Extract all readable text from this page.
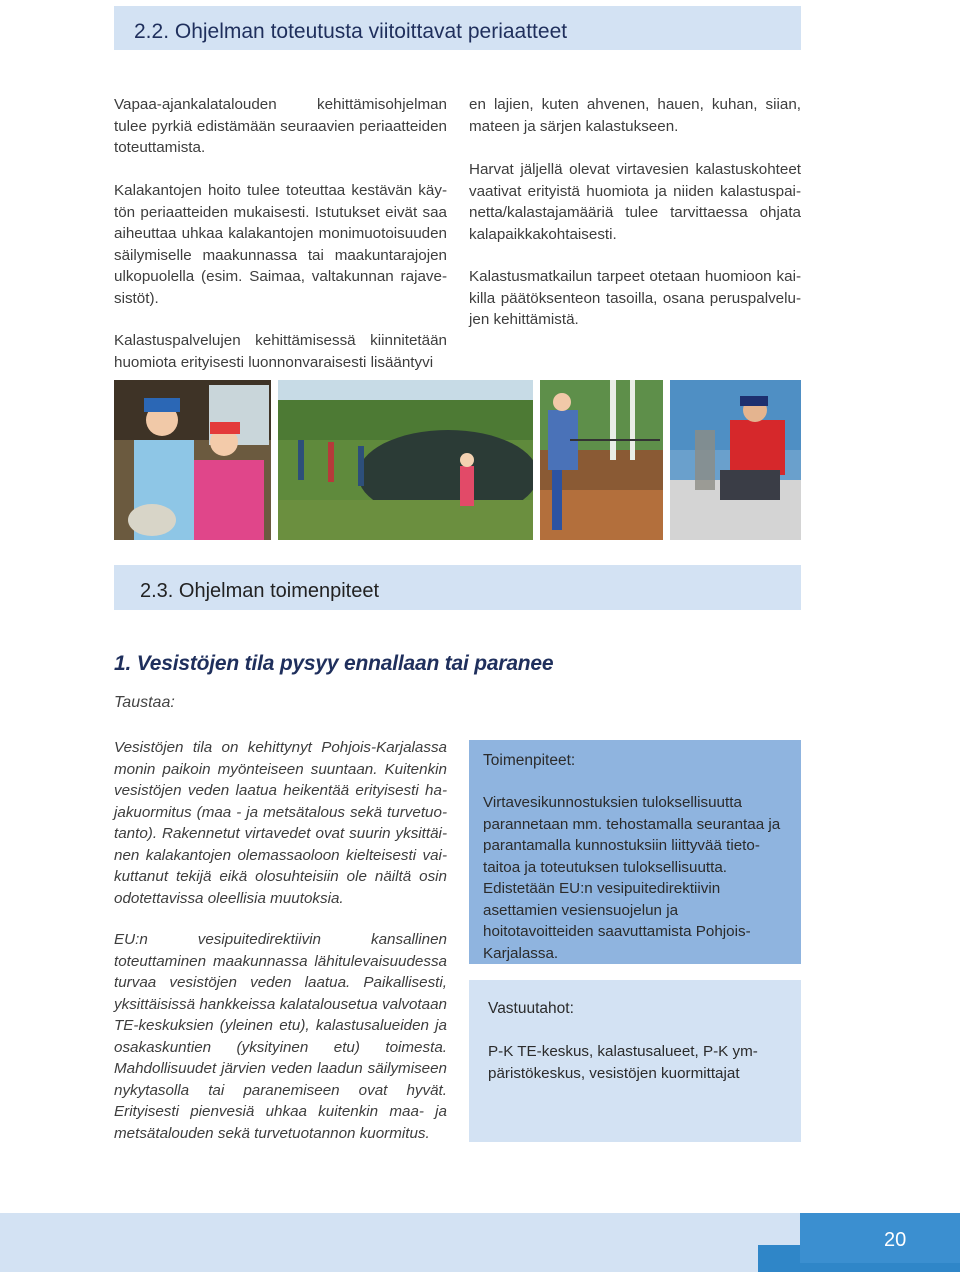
2.2. Ohjelman toteutusta viitoittavat periaatteet

Vapaa-ajankalatalouden kehittämisohjelman tulee pyrkiä edistämään seuraavien periaatteiden toteuttamista.

Kalakantojen hoito tulee toteuttaa kestävän käytön periaatteiden mukaisesti. Istutukset eivät saa aiheuttaa uhkaa kalakantojen monimuotoisuuden säilymiselle maakunnassa tai maakuntarajojen ulkopuolella (esim. Saimaa, valtakunnan rajavesistöt).

Kalastuspalvelujen kehittämisessä kiinnitetään huomiota erityisesti luonnonvaraisesti lisääntyvi

en lajien, kuten ahvenen, hauen, kuhan, siian, mateen ja särjen kalastukseen.

Harvat jäljellä olevat virtavesien kalastuskohteet vaativat erityistä huomiota ja niiden kalastuspainetta/kalastajamääriä tulee tarvittaessa ohjata kalapaikkakohtaisesti.

Kalastusmatkailun tarpeet otetaan huomioon kaikilla päätöksenteon tasoilla, osana peruspalvelujen kehittämistä.

2.3. Ohjelman toimenpiteet
1. Vesistöjen tila pysyy ennallaan tai paranee
Taustaa:

Vesistöjen tila on kehittynyt Pohjois-Karjalassa monin paikoin myönteiseen suuntaan. Kuitenkin vesistöjen veden laatua heikentää erityisesti hajakuormitus (maa - ja metsätalous sekä turvetuotanto). Rakennetut virtavedet ovat suurin yksittäinen kalakantojen olemassaoloon kielteisesti vaikuttanut tekijä eikä olosuhteisiin ole näiltä osin odotettavissa oleellisia muutoksia.

EU:n vesipuitedirektiivin kansallinen toteuttaminen maakunnassa lähitulevaisuudessa turvaa vesistöjen veden laatua. Paikallisesti, yksittäisissä hankkeissa kalatalousetua valvotaan TE-keskuksien (yleinen etu), kalastusalueiden ja osakaskuntien (yksityinen etu) toimesta. Mahdollisuudet järvien veden laadun säilymiseen nykytasolla tai paranemiseen ovat hyvät. Erityisesti pienvesiä uhkaa kuitenkin maa- ja metsätalouden sekä turvetuotannon kuormitus.

Toimenpiteet:

Virtavesikunnostuksien tuloksellisuutta parannetaan mm. tehostamalla seurantaa ja parantamalla kunnostuksiin liittyvää tieto-taitoa ja toteutuksen tuloksellisuutta. Edistetään EU:n vesipuitedirektiivin asettamien vesiensuojelun ja hoitotavoitteiden saavuttamista Pohjois-Karjalassa.

Vastuutahot:

P-K TE-keskus, kalastusalueet, P-K ympäristökeskus, vesistöjen kuormittajat

20
